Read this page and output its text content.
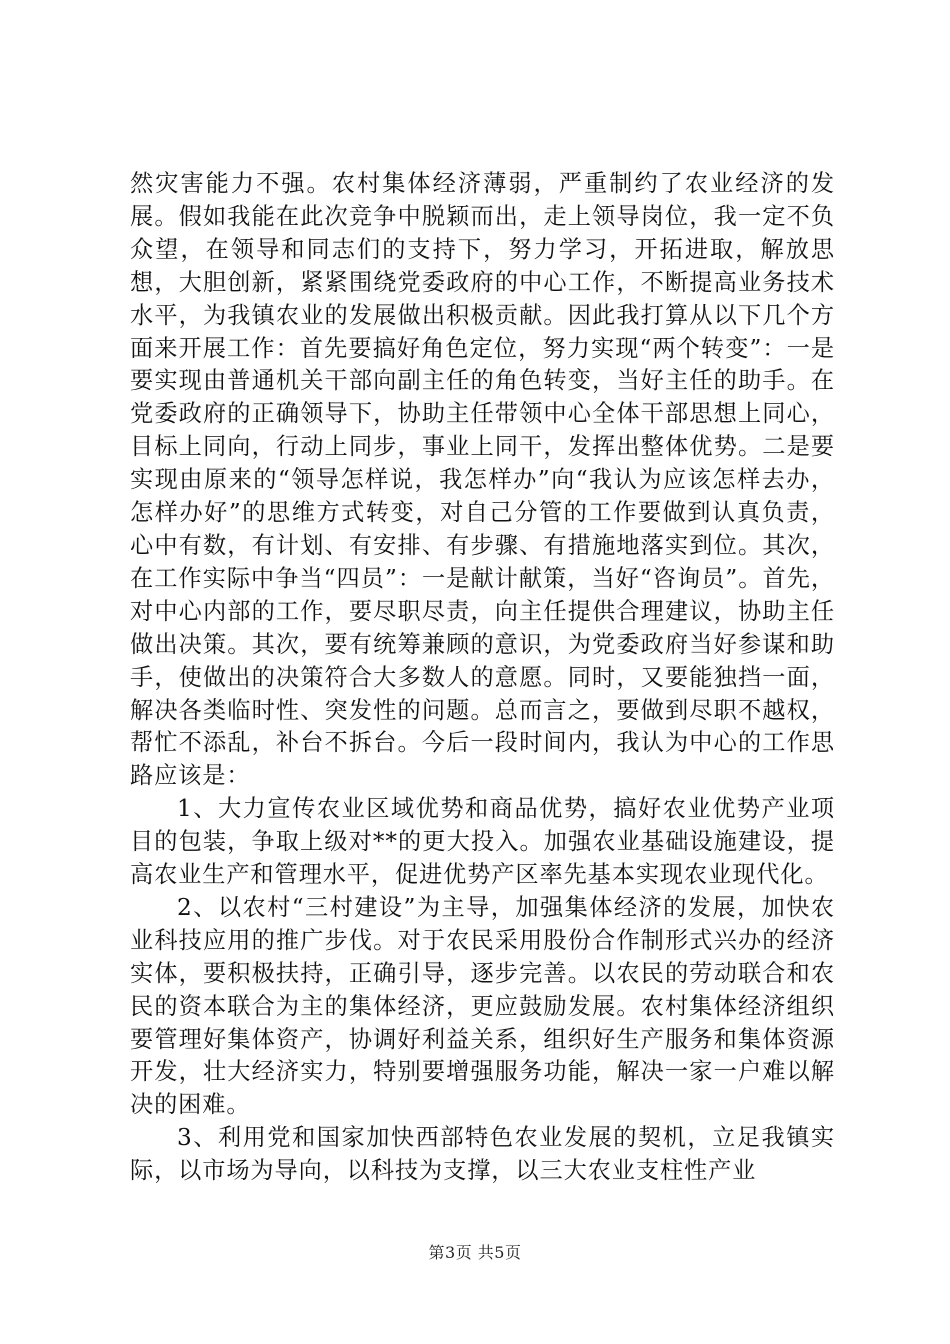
然灾害能力不强。农村集体经济薄弱，严重制约了农业经济的发展。假如我能在此次竞争中脱颖而出，走上领导岗位，我一定不负众望，在领导和同志们的支持下，努力学习，开拓进取，解放思想，大胆创新，紧紧围绕党委政府的中心工作，不断提高业务技术水平，为我镇农业的发展做出积极贡献。因此我打算从以下几个方面来开展工作：首先要搞好角色定位，努力实现“两个转变”：一是要实现由普通机关干部向副主任的角色转变，当好主任的助手。在党委政府的正确领导下，协助主任带领中心全体干部思想上同心，目标上同向，行动上同步，事业上同干，发挥出整体优势。二是要实现由原来的“领导怎样说，我怎样办”向“我认为应该怎样去办，怎样办好”的思维方式转变，对自己分管的工作要做到认真负责，心中有数，有计划、有安排、有步骤、有措施地落实到位。其次，在工作实际中争当“四员”：一是献计献策，当好“咨询员”。首先，对中心内部的工作，要尽职尽责，向主任提供合理建议，协助主任做出决策。其次，要有统筹兼顾的意识，为党委政府当好参谋和助手，使做出的决策符合大多数人的意愿。同时，又要能独挡一面，解决各类临时性、突发性的问题。总而言之，要做到尽职不越权，帮忙不添乱，补台不拆台。今后一段时间内，我认为中心的工作思路应该是：

1、大力宣传农业区域优势和商品优势，搞好农业优势产业项目的包装，争取上级对**的更大投入。加强农业基础设施建设，提高农业生产和管理水平，促进优势产区率先基本实现农业现代化。

2、以农村“三村建设”为主导，加强集体经济的发展，加快农业科技应用的推广步伐。对于农民采用股份合作制形式兴办的经济实体，要积极扶持，正确引导，逐步完善。以农民的劳动联合和农民的资本联合为主的集体经济，更应鼓励发展。农村集体经济组织要管理好集体资产，协调好利益关系，组织好生产服务和集体资源开发，壮大经济实力，特别要增强服务功能，解决一家一户难以解决的困难。

3、利用党和国家加快西部特色农业发展的契机，立足我镇实际，以市场为导向，以科技为支撑，以三大农业支柱性产业

第3页 共5页
